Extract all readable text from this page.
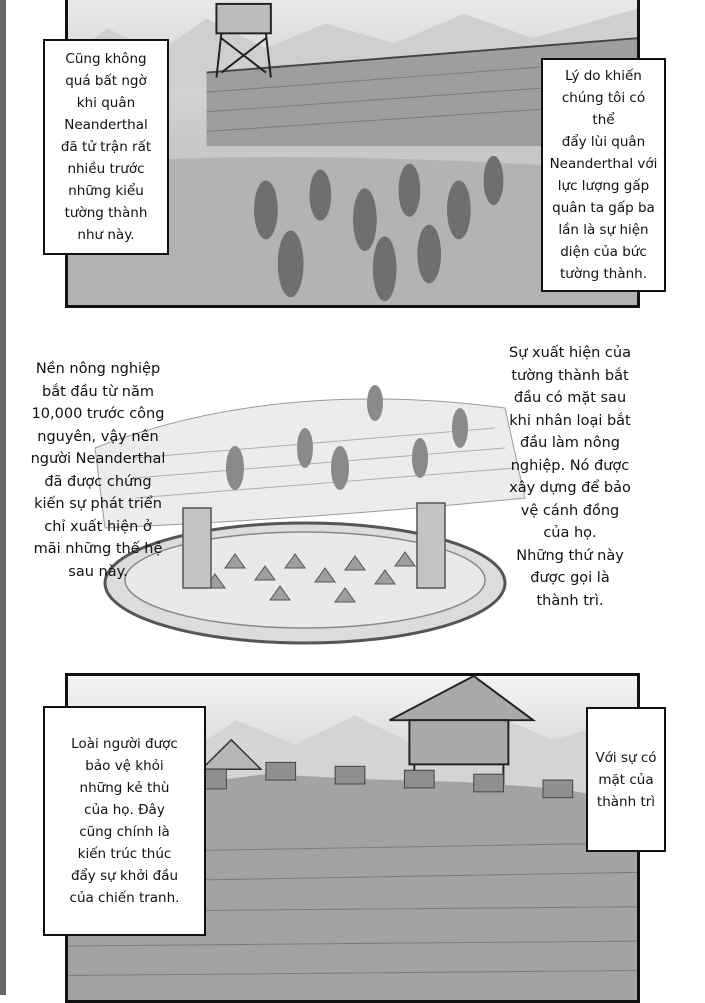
Cũng không
quá bất ngờ
khi quân
Neanderthal
đã tử trận rất
nhiều trước
những kiểu
tường thành
như này.
Lý do khiến
chúng tôi có thể
đẩy lùi quân
Neanderthal với
lực lượng gấp
quân ta gấp ba
lần là sự hiện
diện của bức
tường thành.
Nền nông nghiệp
bắt đầu từ năm
10,000 trước công
nguyên, vậy nên
người Neanderthal
đã được chứng
kiến sự phát triển
chỉ xuất hiện ở
mãi những thế hệ
sau này.
Sự xuất hiện của
tường thành bắt
đầu có mặt sau
khi nhân loại bắt
đầu làm nông
nghiệp. Nó được
xây dựng để bảo
vệ cánh đồng
của họ.
Những thứ này
được gọi là
thành trì.
Loài người được
bảo vệ khỏi
những kẻ thù
của họ. Đây
cũng chính là
kiến trúc thúc
đẩy sự khởi đầu
của chiến tranh.
Với sự có
mặt của
thành trì
